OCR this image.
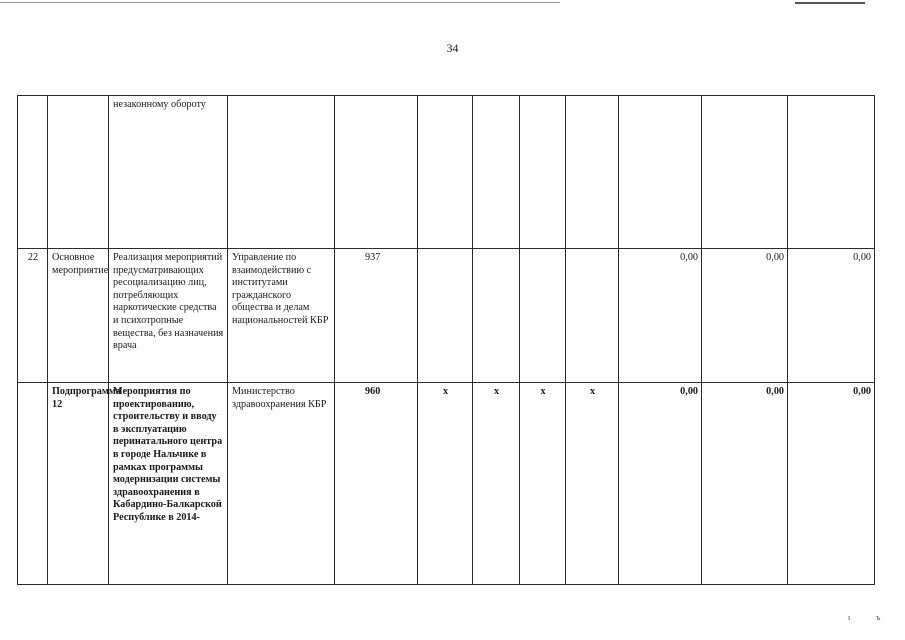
34
		незаконному обороту									
22	Основное мероприятие	Реализация мероприятий предусматривающих ресоциализацию лиц, потребляющих наркотические средства и психотропные вещества, без назначения врача	Управление по взаимодействию с институтами гражданского общества и делам национальностей КБР	937					0,00	0,00	0,00
	Подпрограмма 12	Мероприятия по проектированию, строительству и вводу в эксплуатацию перинатального центра в городе Нальчике в рамках программы модернизации системы здравоохранения в Кабардино-Балкарской Республике в 2014-	Министерство здравоохранения КБР	960	х	х	х	х	0,00	0,00	0,00
ı ъ
